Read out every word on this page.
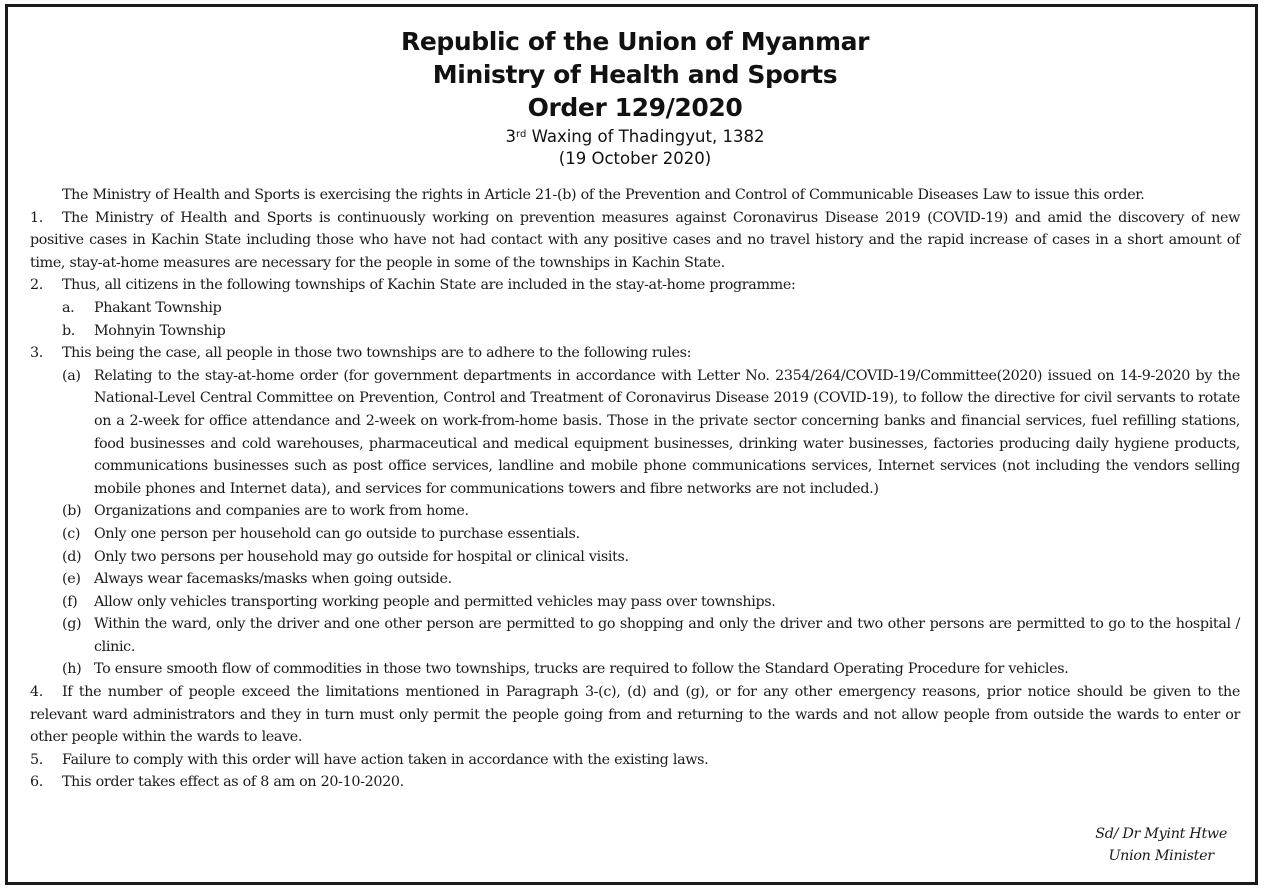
Republic of the Union of Myanmar
Ministry of Health and Sports
Order 129/2020
3rd Waxing of Thadingyut, 1382
(19 October 2020)

The Ministry of Health and Sports is exercising the rights in Article 21-(b) of the Prevention and Control of Communicable Diseases Law to issue this order.

1. The Ministry of Health and Sports is continuously working on prevention measures against Coronavirus Disease 2019 (COVID-19) and amid the discovery of new positive cases in Kachin State including those who have not had contact with any positive cases and no travel history and the rapid increase of cases in a short amount of time, stay-at-home measures are necessary for the people in some of the townships in Kachin State.

2. Thus, all citizens in the following townships of Kachin State are included in the stay-at-home programme:

a. Phakant Township
b. Mohnyin Township

3. This being the case, all people in those two townships are to adhere to the following rules:

(a) Relating to the stay-at-home order (for government departments in accordance with Letter No. 2354/264/COVID-19/Committee(2020) issued on 14-9-2020 by the National-Level Central Committee on Prevention, Control and Treatment of Coronavirus Disease 2019 (COVID-19), to follow the directive for civil servants to rotate on a 2-week for office attendance and 2-week on work-from-home basis. Those in the private sector concerning banks and financial services, fuel refilling stations, food businesses and cold warehouses, pharmaceutical and medical equipment businesses, drinking water businesses, factories producing daily hygiene products, communications businesses such as post office services, landline and mobile phone communications services, Internet services (not including the vendors selling mobile phones and Internet data), and services for communications towers and fibre networks are not included.)
(b) Organizations and companies are to work from home.
(c) Only one person per household can go outside to purchase essentials.
(d) Only two persons per household may go outside for hospital or clinical visits.
(e) Always wear facemasks/masks when going outside.
(f) Allow only vehicles transporting working people and permitted vehicles may pass over townships.
(g) Within the ward, only the driver and one other person are permitted to go shopping and only the driver and two other persons are permitted to go to the hospital / clinic.
(h) To ensure smooth flow of commodities in those two townships, trucks are required to follow the Standard Operating Procedure for vehicles.

4. If the number of people exceed the limitations mentioned in Paragraph 3-(c), (d) and (g), or for any other emergency reasons, prior notice should be given to the relevant ward administrators and they in turn must only permit the people going from and returning to the wards and not allow people from outside the wards to enter or other people within the wards to leave.

5. Failure to comply with this order will have action taken in accordance with the existing laws.

6. This order takes effect as of 8 am on 20-10-2020.

Sd/ Dr Myint Htwe
Union Minister
